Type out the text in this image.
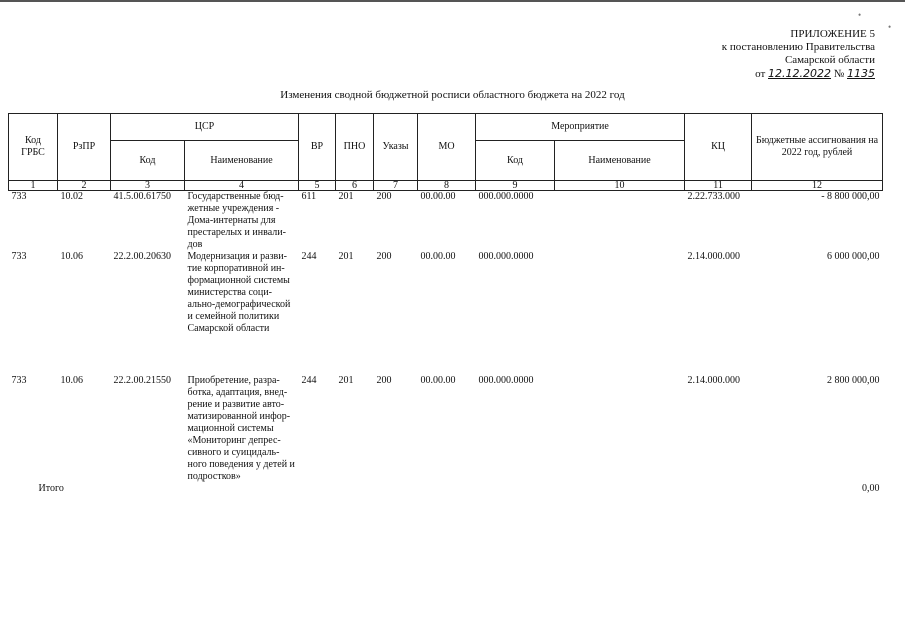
ПРИЛОЖЕНИЕ 5
к постановлению Правительства
Самарской области
от 12.12.2022 № 1135
Изменения сводной бюджетной росписи областного бюджета на 2022 год
Код ГРБС	РзПР	ЦСР		ВР	ПНО	Указы	МО	Мероприятие		КЦ	Бюджетные ассигнования на 2022 год, рублей
		Код	Наименование					Код	Наименование		
1	2	3	4	5	6	7	8	9	10	11	12
733	10.02	41.5.00.61750	Государственные бюд-жетные учреждения - Дома-интернаты для престарелых и инвали-дов	611	201	200	00.00.00	000.000.0000		2.22.733.000	- 8 800 000,00
733	10.06	22.2.00.20630	Модернизация и разви-тие корпоративной ин-формационной системы министерства соци-ально-демографической и семейной политики Самарской области	244	201	200	00.00.00	000.000.0000		2.14.000.000	6 000 000,00
733	10.06	22.2.00.21550	Приобретение, разра-ботка, адаптация, внед-рение и развитие авто-матизированной инфор-мационной системы «Мониторинг депрес-сивного и суицидаль-ного поведения у детей и подростков»	244	201	200	00.00.00	000.000.0000		2.14.000.000	2 800 000,00
Итого											0,00
•
•
